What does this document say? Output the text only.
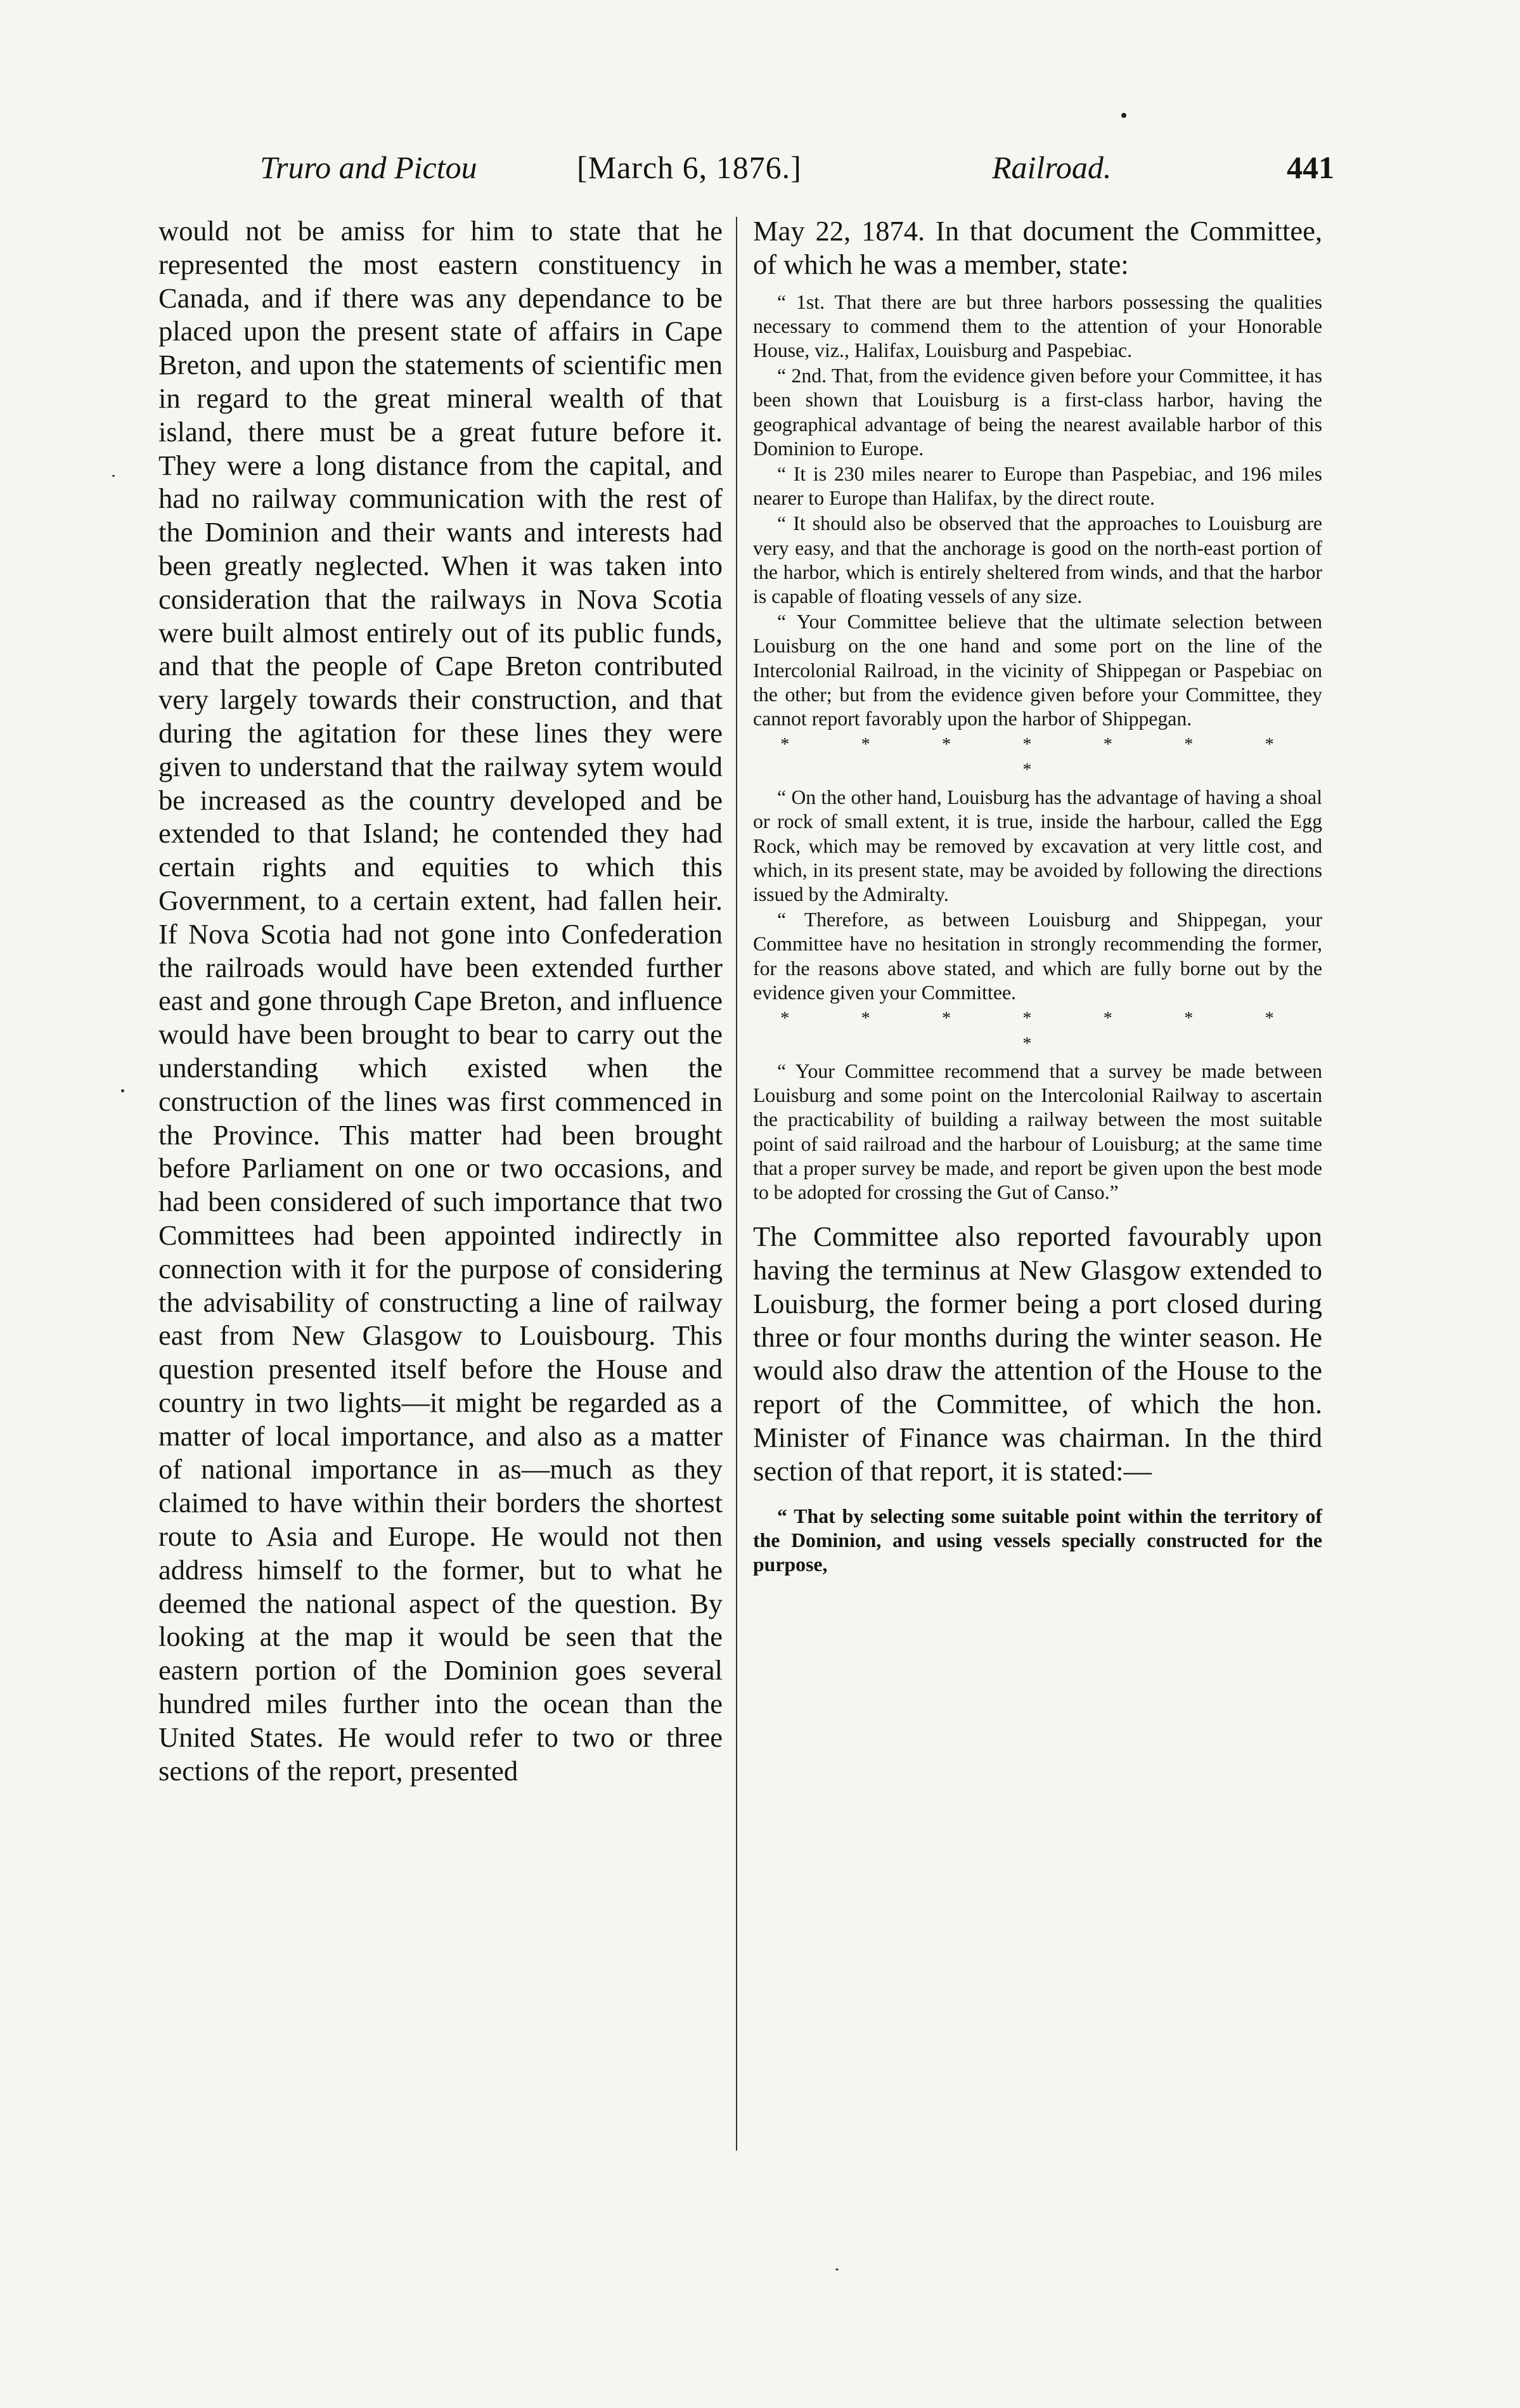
Truro and Pictou	[March 6, 1876.]	Railroad.	441

would not be amiss for him to state that he represented the most eastern constituency in Canada, and if there was any dependance to be placed upon the present state of affairs in Cape Breton, and upon the statements of scientific men in regard to the great mineral wealth of that island, there must be a great future before it. They were a long distance from the capital, and had no railway communication with the rest of the Dominion and their wants and interests had been greatly neglected. When it was taken into consideration that the railways in Nova Scotia were built almost entirely out of its public funds, and that the people of Cape Breton contributed very largely towards their construction, and that during the agitation for these lines they were given to understand that the railway sytem would be increased as the country developed and be extended to that Island; he contended they had certain rights and equities to which this Government, to a certain extent, had fallen heir. If Nova Scotia had not gone into Confederation the railroads would have been extended further east and gone through Cape Breton, and influence would have been brought to bear to carry out the understanding which existed when the construction of the lines was first commenced in the Province. This matter had been brought before Parliament on one or two occasions, and had been considered of such importance that two Committees had been appointed indirectly in connection with it for the purpose of considering the advisability of constructing a line of railway east from New Glasgow to Louisbourg. This question presented itself before the House and country in two lights—it might be regarded as a matter of local importance, and also as a matter of national importance in as—much as they claimed to have within their borders the shortest route to Asia and Europe. He would not then address himself to the former, but to what he deemed the national aspect of the question. By looking at the map it would be seen that the eastern portion of the Dominion goes several hundred miles further into the ocean than the United States. He would refer to two or three sections of the report, presented

May 22, 1874. In that document the Committee, of which he was a member, state:

“ 1st. That there are but three harbors possessing the qualities necessary to commend them to the attention of your Honorable House, viz., Halifax, Louisburg and Paspebiac.

“ 2nd. That, from the evidence given before your Committee, it has been shown that Louisburg is a first-class harbor, having the geographical advantage of being the nearest available harbor of this Dominion to Europe.

“ It is 230 miles nearer to Europe than Paspebiac, and 196 miles nearer to Europe than Halifax, by the direct route.

“ It should also be observed that the approaches to Louisburg are very easy, and that the anchorage is good on the north-east portion of the harbor, which is entirely sheltered from winds, and that the harbor is capable of floating vessels of any size.

“ Your Committee believe that the ultimate selection between Louisburg on the one hand and some port on the line of the Intercolonial Railroad, in the vicinity of Shippegan or Paspebiac on the other; but from the evidence given before your Committee, they cannot report favorably upon the harbor of Shippegan.

* * * * * * * *

“ On the other hand, Louisburg has the advantage of having a shoal or rock of small extent, it is true, inside the harbour, called the Egg Rock, which may be removed by excavation at very little cost, and which, in its present state, may be avoided by following the directions issued by the Admiralty.

“ Therefore, as between Louisburg and Shippegan, your Committee have no hesitation in strongly recommending the former, for the reasons above stated, and which are fully borne out by the evidence given your Committee.

* * * * * * * *

“ Your Committee recommend that a survey be made between Louisburg and some point on the Intercolonial Railway to ascertain the practicability of building a railway between the most suitable point of said railroad and the harbour of Louisburg; at the same time that a proper survey be made, and report be given upon the best mode to be adopted for crossing the Gut of Canso.”

The Committee also reported favourably upon having the terminus at New Glasgow extended to Louisburg, the former being a port closed during three or four months during the winter season. He would also draw the attention of the House to the report of the Committee, of which the hon. Minister of Finance was chairman. In the third section of that report, it is stated:—

“ That by selecting some suitable point within the territory of the Dominion, and using vessels specially constructed for the purpose,
